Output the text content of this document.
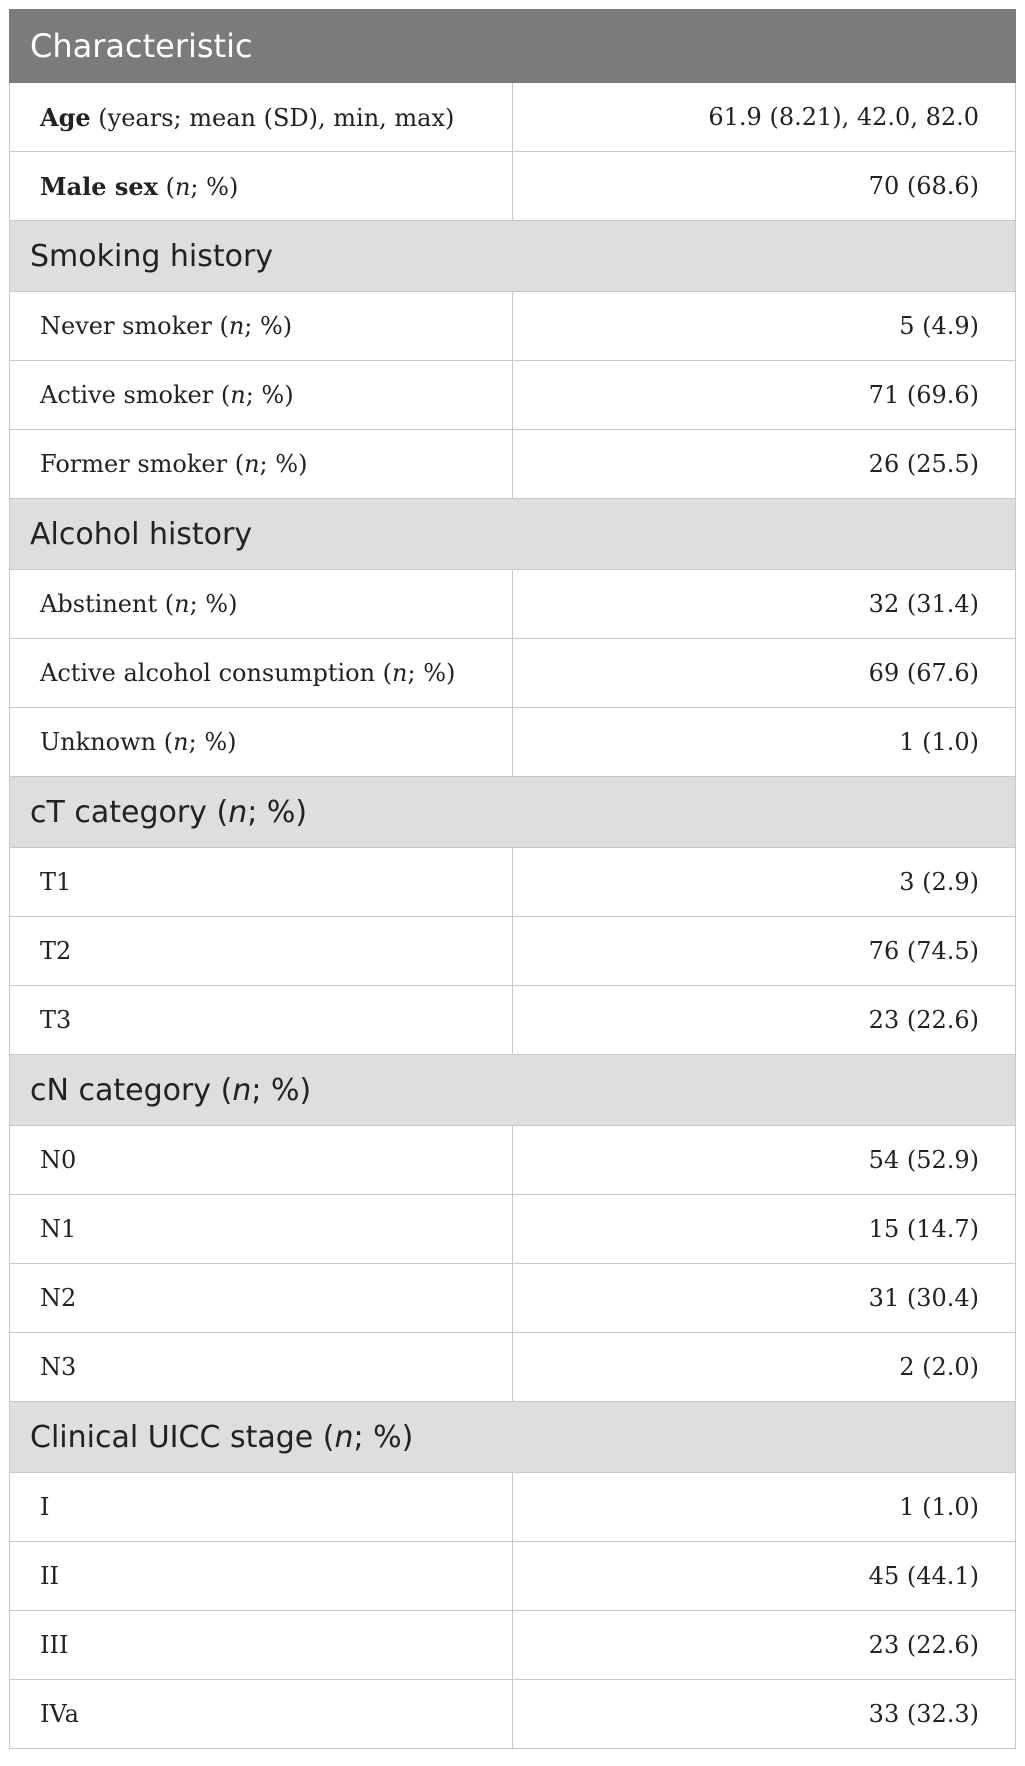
Characteristic	
Age (years; mean (SD), min, max)	61.9 (8.21), 42.0, 82.0
Male sex (n; %)	70 (68.6)
Smoking history	
Never smoker (n; %)	5 (4.9)
Active smoker (n; %)	71 (69.6)
Former smoker (n; %)	26 (25.5)
Alcohol history	
Abstinent (n; %)	32 (31.4)
Active alcohol consumption (n; %)	69 (67.6)
Unknown (n; %)	1 (1.0)
cT category (n; %)	
T1	3 (2.9)
T2	76 (74.5)
T3	23 (22.6)
cN category (n; %)	
N0	54 (52.9)
N1	15 (14.7)
N2	31 (30.4)
N3	2 (2.0)
Clinical UICC stage (n; %)	
I	1 (1.0)
II	45 (44.1)
III	23 (22.6)
IVa	33 (32.3)
